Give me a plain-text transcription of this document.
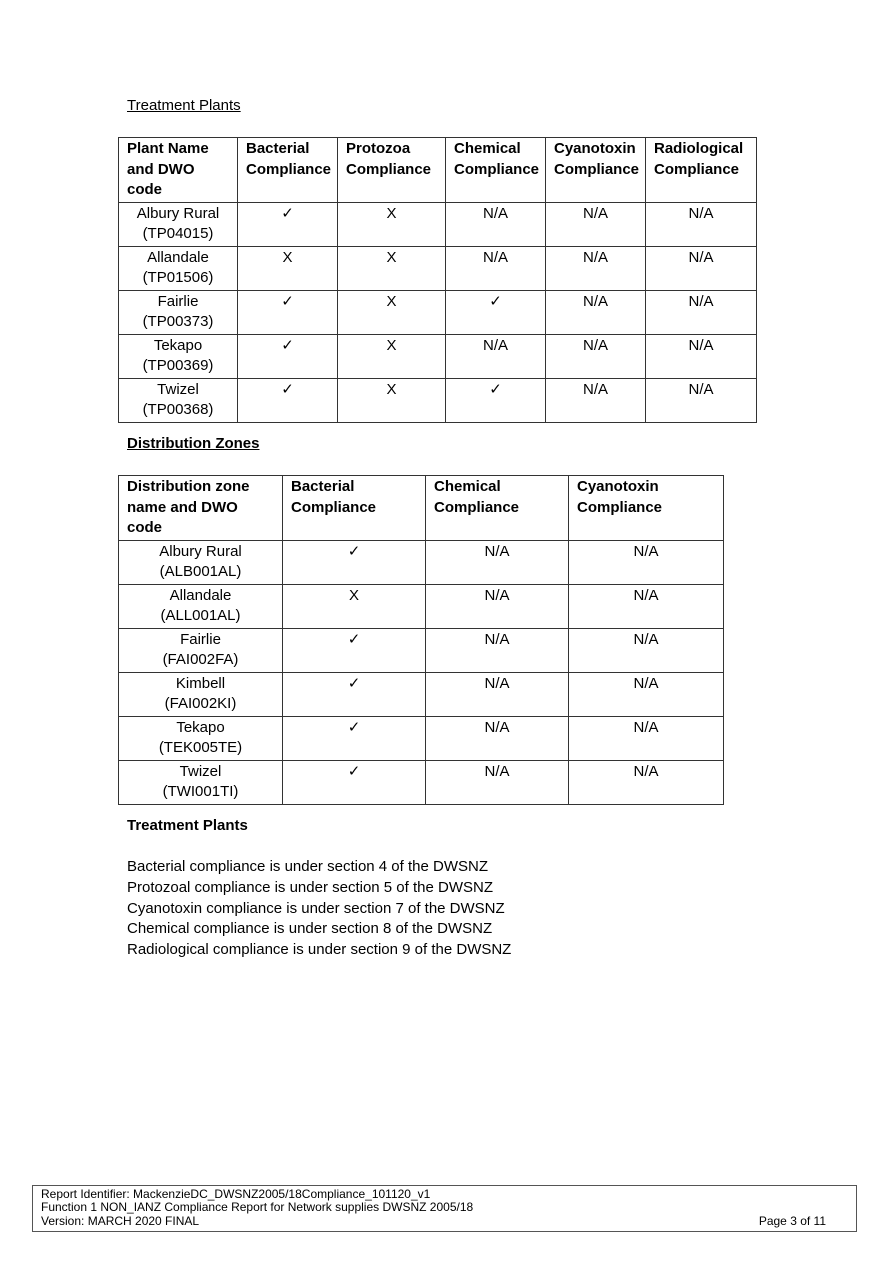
Treatment Plants
Plant Name and DWO code	Bacterial Compliance	Protozoa Compliance	Chemical Compliance	Cyanotoxin Compliance	Radiological Compliance
Albury Rural
(TP04015)	✓	X	N/A	N/A	N/A
Allandale
(TP01506)	X	X	N/A	N/A	N/A
Fairlie
(TP00373)	✓	X	✓	N/A	N/A
Tekapo
(TP00369)	✓	X	N/A	N/A	N/A
Twizel
(TP00368)	✓	X	✓	N/A	N/A
Distribution Zones
Distribution zone name and DWO code	Bacterial Compliance	Chemical Compliance	Cyanotoxin Compliance
Albury Rural
(ALB001AL)	✓	N/A	N/A
Allandale
(ALL001AL)	X	N/A	N/A
Fairlie
(FAI002FA)	✓	N/A	N/A
Kimbell
(FAI002KI)	✓	N/A	N/A
Tekapo
(TEK005TE)	✓	N/A	N/A
Twizel
(TWI001TI)	✓	N/A	N/A
Treatment Plants
Bacterial compliance is under section 4 of the DWSNZ
Protozoal compliance is under section 5 of the DWSNZ
Cyanotoxin compliance is under section 7 of the DWSNZ
Chemical compliance is under section 8 of the DWSNZ
Radiological compliance is under section 9 of the DWSNZ
Report Identifier: MackenzieDC_DWSNZ2005/18Compliance_101120_v1
Function 1 NON_IANZ Compliance Report for Network supplies DWSNZ 2005/18
Version: MARCH 2020 FINAL	Page 3 of 11
